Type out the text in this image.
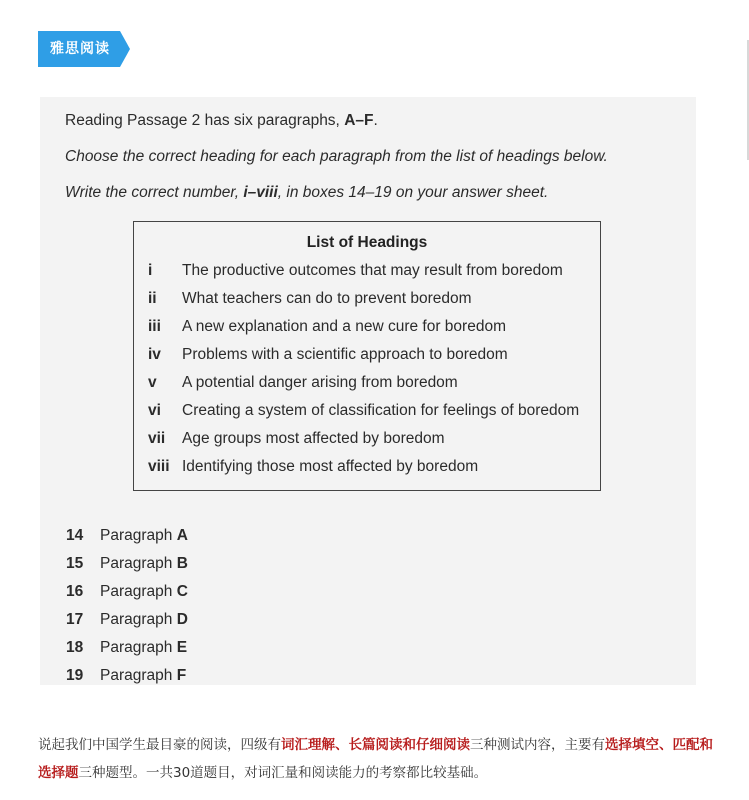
雅思阅读
Reading Passage 2 has six paragraphs, A–F.
Choose the correct heading for each paragraph from the list of headings below.
Write the correct number, i–viii, in boxes 14–19 on your answer sheet.
List of Headings
i	The productive outcomes that may result from boredom
ii	What teachers can do to prevent boredom
iii	A new explanation and a new cure for boredom
iv	Problems with a scientific approach to boredom
v	A potential danger arising from boredom
vi	Creating a system of classification for feelings of boredom
vii	Age groups most affected by boredom
viii Identifying those most affected by boredom
14 Paragraph A
15 Paragraph B
16 Paragraph C
17 Paragraph D
18 Paragraph E
19 Paragraph F

说起我们中国学生最目豪的阅读，四级有词汇理解、长篇阅读和仔细阅读三种测试内容，主要有选择填空、匹配和选择题三种题型。一共30道题目，对词汇量和阅读能力的考察都比较基础。
